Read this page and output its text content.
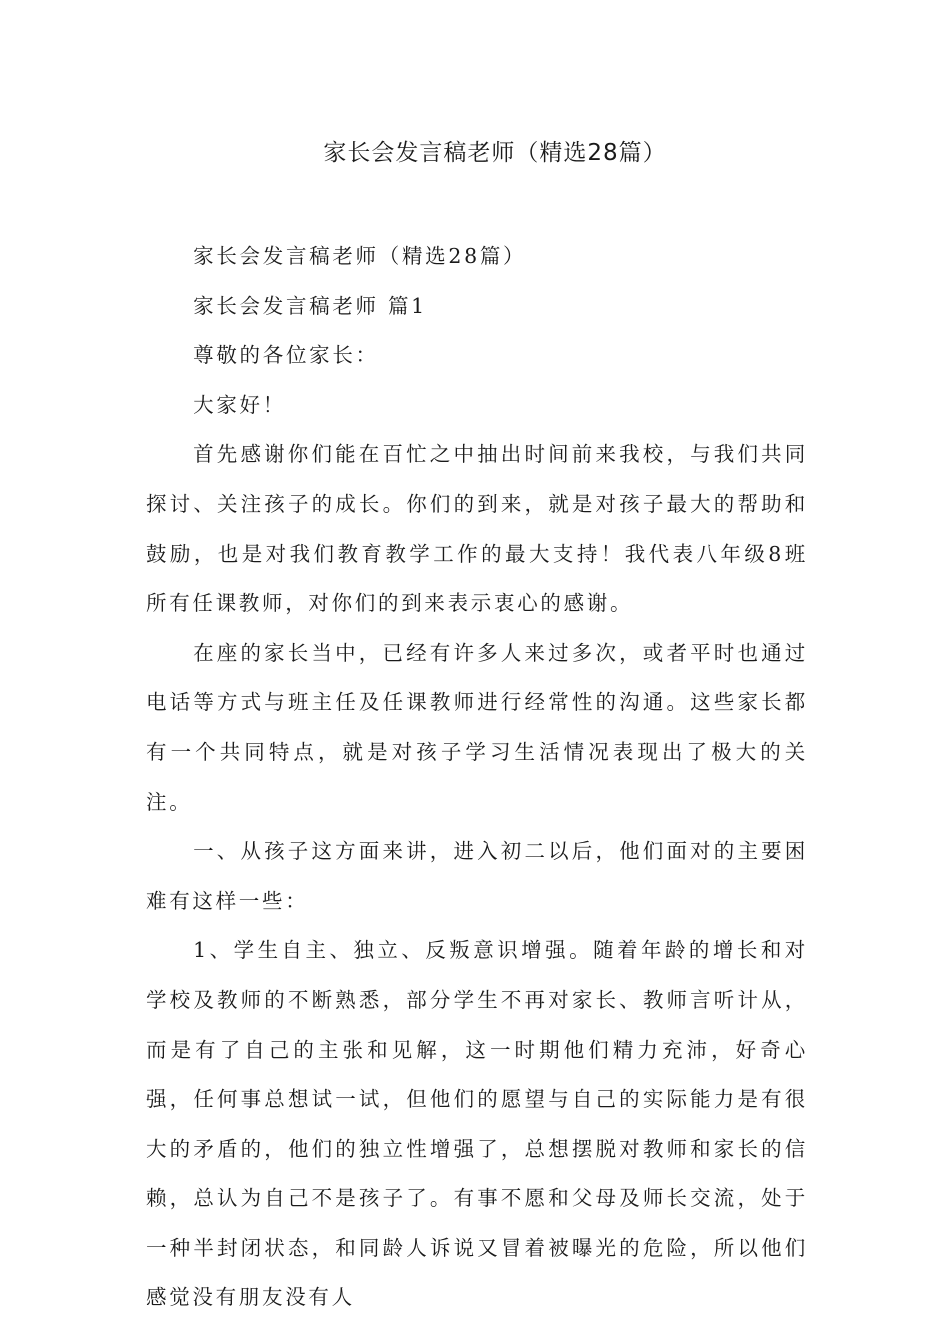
家长会发言稿老师（精选28篇）

家长会发言稿老师（精选28篇）

家长会发言稿老师 篇1

尊敬的各位家长：

大家好！

首先感谢你们能在百忙之中抽出时间前来我校，与我们共同探讨、关注孩子的成长。你们的到来，就是对孩子最大的帮助和鼓励，也是对我们教育教学工作的最大支持！我代表八年级8班所有任课教师，对你们的到来表示衷心的感谢。

在座的家长当中，已经有许多人来过多次，或者平时也通过电话等方式与班主任及任课教师进行经常性的沟通。这些家长都有一个共同特点，就是对孩子学习生活情况表现出了极大的关注。

一、从孩子这方面来讲，进入初二以后，他们面对的主要困难有这样一些：

1、学生自主、独立、反叛意识增强。随着年龄的增长和对学校及教师的不断熟悉，部分学生不再对家长、教师言听计从，而是有了自己的主张和见解，这一时期他们精力充沛，好奇心强，任何事总想试一试，但他们的愿望与自己的实际能力是有很大的矛盾的，他们的独立性增强了，总想摆脱对教师和家长的信赖，总认为自己不是孩子了。有事不愿和父母及师长交流，处于一种半封闭状态，和同龄人诉说又冒着被曝光的危险，所以他们感觉没有朋友没有人
